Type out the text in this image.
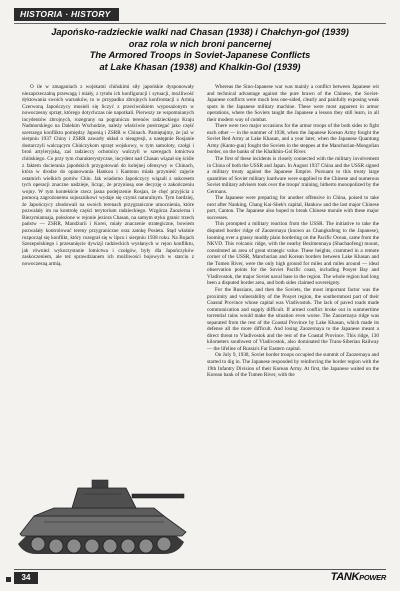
HISTORIA · HISTORY
Japońsko-radzieckie walki nad Chasan (1938) i Chałchyn-goł (1939)
oraz rola w nich broni pancernej
The Armored Troops in Soviet-Japanese Conflicts
at Lake Khasan (1938) and Khalkin-Gol (1939)

O ile w zmaganiach z wojskami chińskimi siły japońskie dysponowały niezaprzeczalną przewagą i miały, z tytułu ich konfiguracji i sytuacji, możliwość dyktowania swoich warunków, to w przypadku zbrojnych konfrontacji z Armią Czerwoną Japończycy musieli się liczyć z przeciwnikiem wyposażonym w nowoczesny sprzęt, którego dotychczas nie napotkali. Pierwszy ze wspomnianych incydentów zbrojnych, rozegrany na pograniczu terenów radzieckiego Kraju Nadmorskiego na Dalekim Wschodzie, należy właściwie postrzegać jako część szerszego konfliktu pomiędzy Japonią i ZSRR w Chinach. Pamiętajmy, że już w sierpniu 1937 Chiny i ZSRR zawarły układ o nieagresji, a następnie Rosjanie dostarczyli walczącym Chińczykom sprzęt wojskowy, w tym samoloty, czołgi i broń artyleryjską, zaś radzieccy ochotnicy walczyli w szeregach lotnictwa chińskiego. Co przy tym charakterystyczne, incydent nad Chasan wiązał się ściśle z faktem docierania japońskich przygotowań do kolejnej ofensywy w Chinach, która w drodze do opanowania Hankou i Kantonu miała przynieść zajęcie ostatnich wielkich portów Chin. Jak wiadomo Japończycy wiązali z sukcesem tych operacji znaczne nadzieje, licząc, że przyniosą one decyzję o zakończeniu wojny. W tym kontekście rzecz jasna podejrzenie Rosjan, że chęć przyjścia z pomocą zagrożonemu sojusznikowi wydaje się czymś naturalnym. Tym bardziej, że Japończycy zbudowali na swoich terenach przygraniczne umocnienia, które pozwalały im na kontrolę części terytorium radzieckiego. Wzgórza Zaozierna i Biezymiannaja, położone w rejonie jeziora Chasan, na samym styku granic trzech państw — ZSRR, Mandżurii i Korei, miały znaczenie strategiczne, bowiem pozwalały kontrolować tereny przygraniczne oraz zatokę Posieta. Stąd właśnie rozpoczął się konflikt, który rozegrał się w lipcu i sierpniu 1938 roku. Na Bojach Szezepolskiego i przesunięcie dywizji radzieckich wysłanych w rejon konfliktu, jak również wykorzystanie lotnictwa i czołgów, były dla Japończyków zaskoczeniem, ale też sprawdzianem ich możliwości bojowych w starciu z nowoczesną armią.

Whereas the Sino-Japanese war was mainly a conflict between Japanese wit and technical advantage against the pure brawn of the Chinese, the Soviet-Japanese conflicts were much less one-sided, clearly and painfully exposing weak spots in the Japanese military machine. These were most apparent in armor operations, where the Soviets taught the Japanese a lesson they still learn, in all their modern way of combat.

There were two major occasions for the armor troops of the both sides to fight each other — in the summer of 1938, when the Japanese Korean Army fought the Soviet Red Army at Lake Khasan, and a year later, when the Japanese Quantung Army (Kanto-gun) fought the Soviets in the steppes at the Manchurian-Mongolian border, on the banks of the Khalkhin-Gol River.

The first of these incidents is closely connected with the military involvement in China of both the USSR and Japan. In August 1937 China and the USSR signed a military treaty against the Japanese Empire. Pursuant to this treaty large quantities of Soviet military hardware were supplied to the Chinese and numerous Soviet military advisers took over the troops' training, hitherto monopolized by the Germans.

The Japanese were preparing for another offensive in China, poised to take next after Nanking, Chang Kai-Shek's capital, Hankow and the last major Chinese port, Canton. The Japanese also hoped to break Chinese morale with these major successes.

This prompted a military reaction from the USSR. The initiative to take the disputed border ridge of Zaozernaya (known as Changkufeng to the Japanese), looming over a grassy muddy plain bordering on the Pacific Ocean, came from the NKVD. This volcanic ridge, with the nearby Bezimennaya (Shachaofeng) mount, constituted an area of great strategic value. These heights, crammed in a remote corner of the USSR, Manchurian and Korean borders between Lake Khasan and the Tumen River, were the only high ground for miles and miles around — ideal observation points for the Soviet Pacific coast, including Posyet Bay and Vladivostok, the major Soviet naval base in the region. The whole region had long been a disputed border area, and both sides claimed sovereignty.

For the Russians, and then the Soviets, the most important factor was the proximity and vulnerability of the Posyet region, the southernmost part of their Coastal Province whose capital was Vladivostok. The lack of paved roads made communication and supply difficult. If armed conflict broke out in summertime torrential rains would make the situation even worse. The Zaozernaya ridge was separated from the rest of the Coastal Province by Lake Khasan, which made its defense all the more difficult. And losing Zaozernaya to the Japanese meant a direct threat to Vladivostok and the rest of the Coastal Province. This ridge, 130 kilometers southwest of Vladivostok, also dominated the Trans-Siberian Railway — the lifeline of Russia's Far Eastern capital.

On July 9, 1938, Soviet border troops occupied the summit of Zaozernaya and started to dig in. The Japanese responded by reinforcing the border region with the 19th Infantry Division of their Korean Army. At first, the Japanese waited on the Korean bank of the Tumen River, with the

34	TANKPOWER
